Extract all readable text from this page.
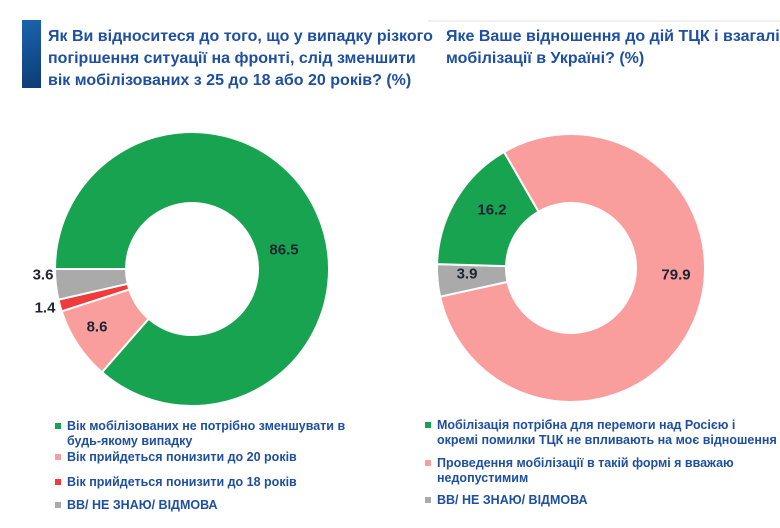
Як Ви відноситеся до того, що у випадку різкого
погіршення ситуації на фронті, слід зменшити
вік мобілізованих з 25 до 18 або 20 років? (%)
Яке Ваше відношення до дій ТЦК і взагалі
мобілізації в Україні? (%)
86.5
8.6
1.4
3.6
16.2
79.9
3.9
Вік мобілізованих не потрібно зменшувати в будь-якому випадку
Вік прийдеться понизити до 20 років
Вік прийдеться понизити до 18 років
ВВ/ НЕ ЗНАЮ/ ВІДМОВА
Мобілізація потрібна для перемоги над Росією і окремі помилки ТЦК не впливають на моє відношення
Проведення мобілізації в такій формі я вважаю недопустимим
ВВ/ НЕ ЗНАЮ/ ВІДМОВА
